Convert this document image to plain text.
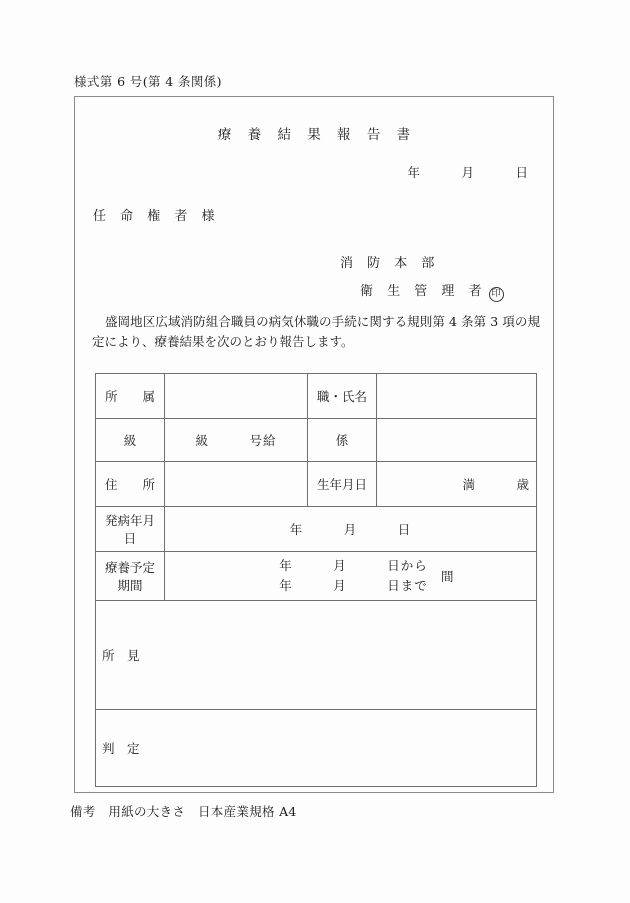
様式第 6 号(第 4 条関係)
療 養 結 果 報 告 書
年　　　月　　　日
任 命 権 者 様
消 防 本 部
衛 生 管 理 者 印
盛岡地区広域消防組合職員の病気休職の手続に関する規則第 4 条第 3 項の規定により、療養結果を次のとおり報告します。
所　　属		職・氏名	
級	級　　　号給	係	
住　　所		生年月日	満　　　歳
発病年月日	年　　　月　　　日		
療養予定期間	年　　　月　　　日から
年　　　月　　　日まで
間		

所　見			
判　定			
備考　用紙の大きさ　日本産業規格 A4
